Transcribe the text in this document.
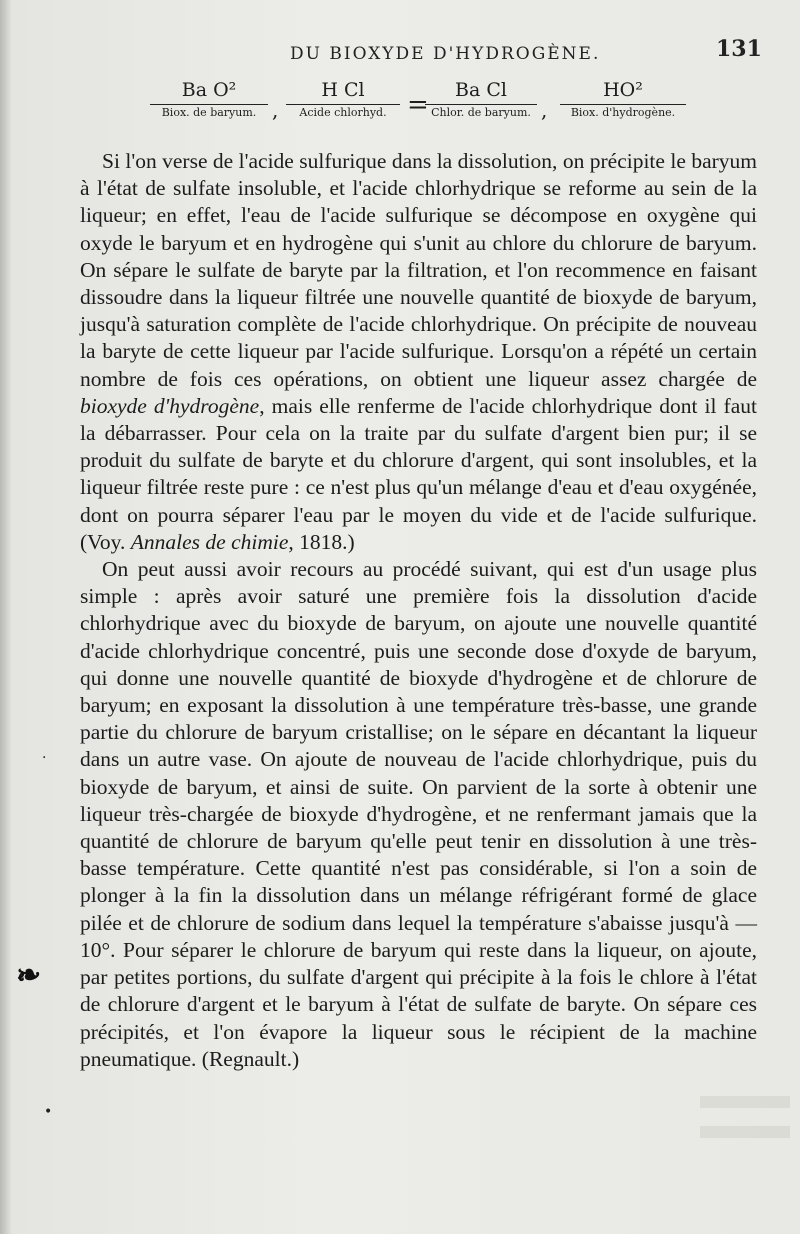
DU BIOXYDE D'HYDROGÈNE.	131
Ba O²
Biox. de baryum. ,
H Cl
Acide chlorhyd. =	Ba Cl
Chlor. de baryum. ,
HO²
Biox. d'hydrogène.

Si l'on verse de l'acide sulfurique dans la dissolution, on précipite le baryum à l'état de sulfate insoluble, et l'acide chlorhydrique se reforme au sein de la liqueur; en effet, l'eau de l'acide sulfurique se décompose en oxygène qui oxyde le baryum et en hydrogène qui s'unit au chlore du chlorure de baryum. On sépare le sulfate de baryte par la filtration, et l'on recommence en faisant dissoudre dans la liqueur filtrée une nouvelle quantité de bioxyde de baryum, jusqu'à saturation complète de l'acide chlorhydrique. On précipite de nouveau la baryte de cette liqueur par l'acide sulfurique. Lorsqu'on a répété un certain nombre de fois ces opérations, on obtient une liqueur assez chargée de bioxyde d'hydrogène, mais elle renferme de l'acide chlorhydrique dont il faut la débarrasser. Pour cela on la traite par du sulfate d'argent bien pur; il se produit du sulfate de baryte et du chlorure d'argent, qui sont insolubles, et la liqueur filtrée reste pure : ce n'est plus qu'un mélange d'eau et d'eau oxygénée, dont on pourra séparer l'eau par le moyen du vide et de l'acide sulfurique. (Voy. Annales de chimie, 1818.)

On peut aussi avoir recours au procédé suivant, qui est d'un usage plus simple : après avoir saturé une première fois la dissolution d'acide chlorhydrique avec du bioxyde de baryum, on ajoute une nouvelle quantité d'acide chlorhydrique concentré, puis une seconde dose d'oxyde de baryum, qui donne une nouvelle quantité de bioxyde d'hydrogène et de chlorure de baryum; en exposant la dissolution à une température très-basse, une grande partie du chlorure de baryum cristallise; on le sépare en décantant la liqueur dans un autre vase. On ajoute de nouveau de l'acide chlorhydrique, puis du bioxyde de baryum, et ainsi de suite. On parvient de la sorte à obtenir une liqueur très-chargée de bioxyde d'hydrogène, et ne renfermant jamais que la quantité de chlorure de baryum qu'elle peut tenir en dissolution à une très-basse température. Cette quantité n'est pas considérable, si l'on a soin de plonger à la fin la dissolution dans un mélange réfrigérant formé de glace pilée et de chlorure de sodium dans lequel la température s'abaisse jusqu'à —10°. Pour séparer le chlorure de baryum qui reste dans la liqueur, on ajoute, par petites portions, du sulfate d'argent qui précipite à la fois le chlore à l'état de chlorure d'argent et le baryum à l'état de sulfate de baryte. On sépare ces précipités, et l'on évapore la liqueur sous le récipient de la machine pneumatique. (Regnault.)

❧
·
•
